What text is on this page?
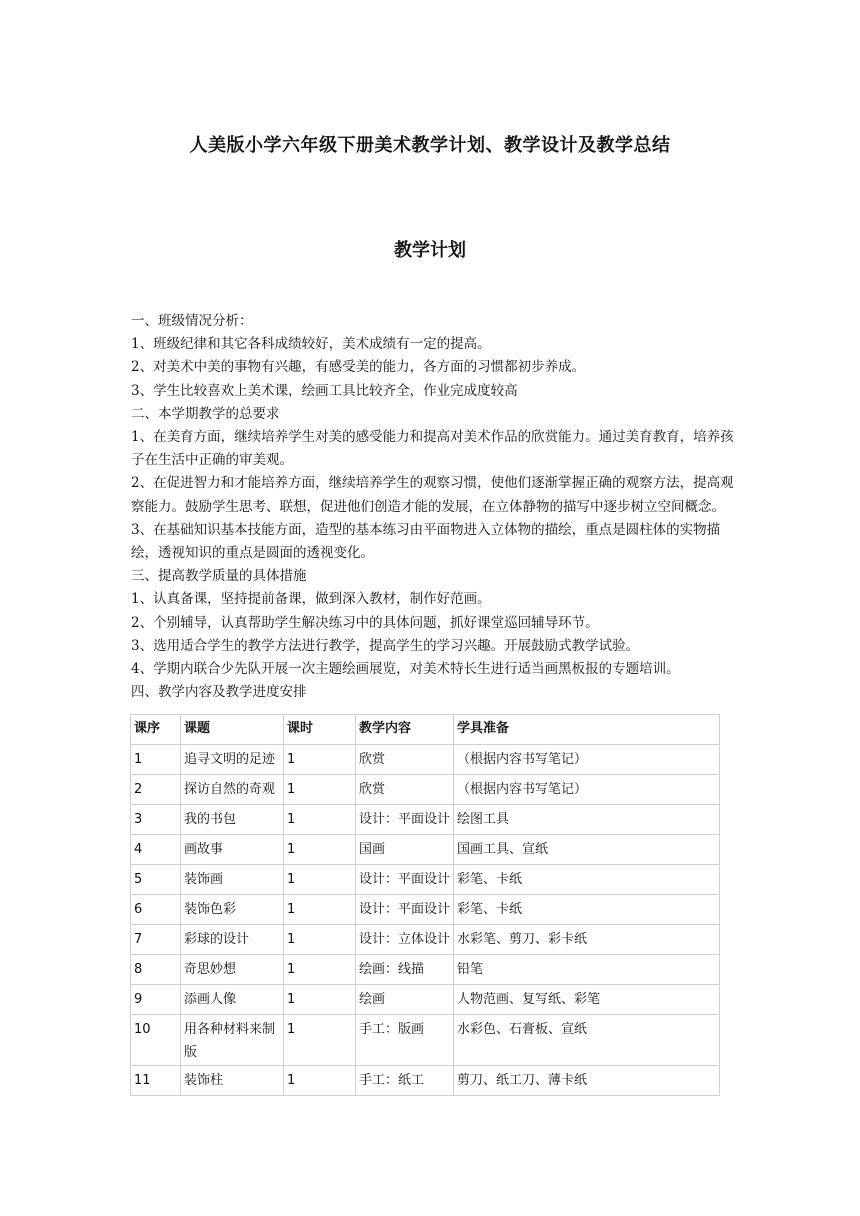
人美版小学六年级下册美术教学计划、教学设计及教学总结
教学计划
一、班级情况分析：
1、班级纪律和其它各科成绩较好，美术成绩有一定的提高。
2、对美术中美的事物有兴趣，有感受美的能力，各方面的习惯都初步养成。
3、学生比较喜欢上美术课，绘画工具比较齐全，作业完成度较高
二、本学期教学的总要求
1、在美育方面，继续培养学生对美的感受能力和提高对美术作品的欣赏能力。通过美育教育，培养孩子在生活中正确的审美观。
2、在促进智力和才能培养方面，继续培养学生的观察习惯，使他们逐渐掌握正确的观察方法，提高观察能力。鼓励学生思考、联想，促进他们创造才能的发展，在立体静物的描写中逐步树立空间概念。
3、在基础知识基本技能方面，造型的基本练习由平面物进入立体物的描绘，重点是圆柱体的实物描绘，透视知识的重点是圆面的透视变化。
三、提高教学质量的具体措施
1、认真备课，坚持提前备课，做到深入教材，制作好范画。
2、个别辅导，认真帮助学生解决练习中的具体问题，抓好课堂巡回辅导环节。
3、选用适合学生的教学方法进行教学，提高学生的学习兴趣。开展鼓励式教学试验。
4、学期内联合少先队开展一次主题绘画展览，对美术特长生进行适当画黑板报的专题培训。
四、教学内容及教学进度安排
课序	课题	课时	教学内容	学具准备
1	追寻文明的足迹	1	欣赏	（根据内容书写笔记）
2	探访自然的奇观	1	欣赏	（根据内容书写笔记）
3	我的书包	1	设计：平面设计	绘图工具
4	画故事	1	国画	国画工具、宣纸
5	装饰画	1	设计：平面设计	彩笔、卡纸
6	装饰色彩	1	设计：平面设计	彩笔、卡纸
7	彩球的设计	1	设计：立体设计	水彩笔、剪刀、彩卡纸
8	奇思妙想	1	绘画：线描	铅笔
9	添画人像	1	绘画	人物范画、复写纸、彩笔
10	用各种材料来制版	1	手工：版画	水彩色、石膏板、宣纸
11	装饰柱	1	手工：纸工	剪刀、纸工刀、薄卡纸
